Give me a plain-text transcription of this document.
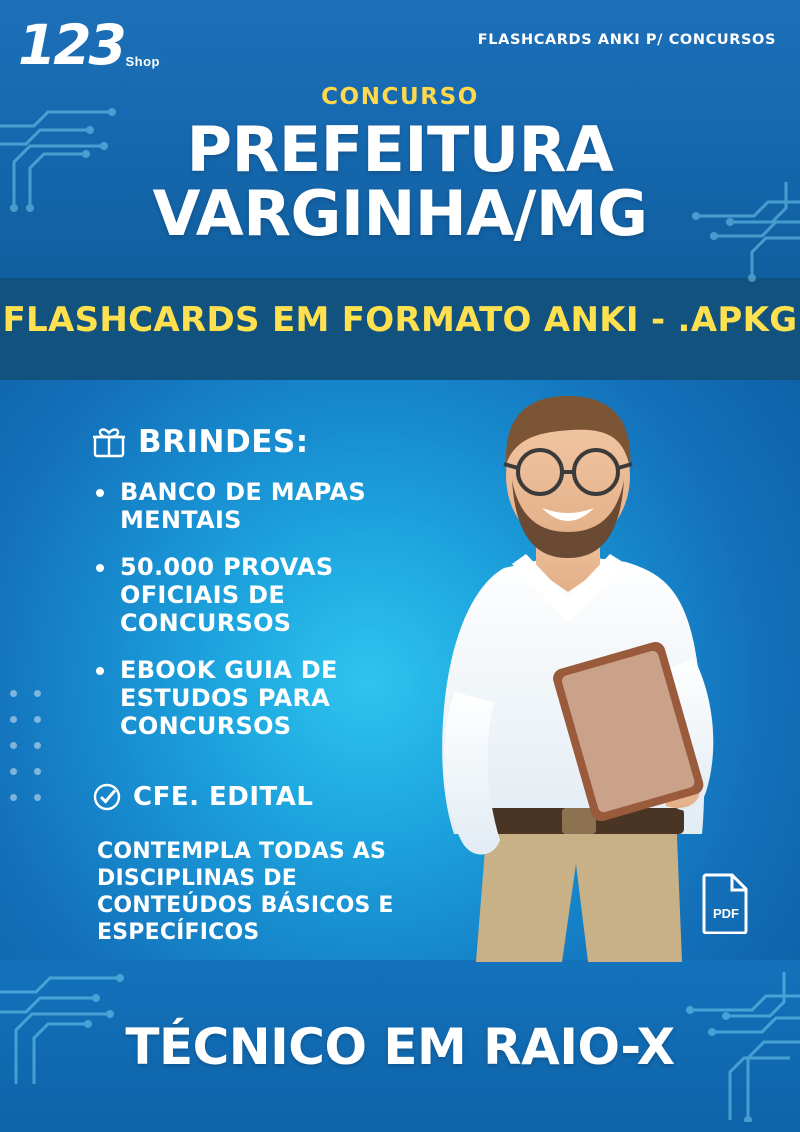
123 Shop
FLASHCARDS ANKI P/ CONCURSOS
CONCURSO
PREFEITURA
VARGINHA/MG
FLASHCARDS EM FORMATO ANKI - .APKG
BRINDES:
BANCO DE MAPAS MENTAIS
50.000 PROVAS OFICIAIS DE CONCURSOS
EBOOK GUIA DE ESTUDOS PARA CONCURSOS
CFE. EDITAL
CONTEMPLA TODAS AS DISCIPLINAS DE CONTEÚDOS BÁSICOS E ESPECÍFICOS
PDF
TÉCNICO EM RAIO-X
